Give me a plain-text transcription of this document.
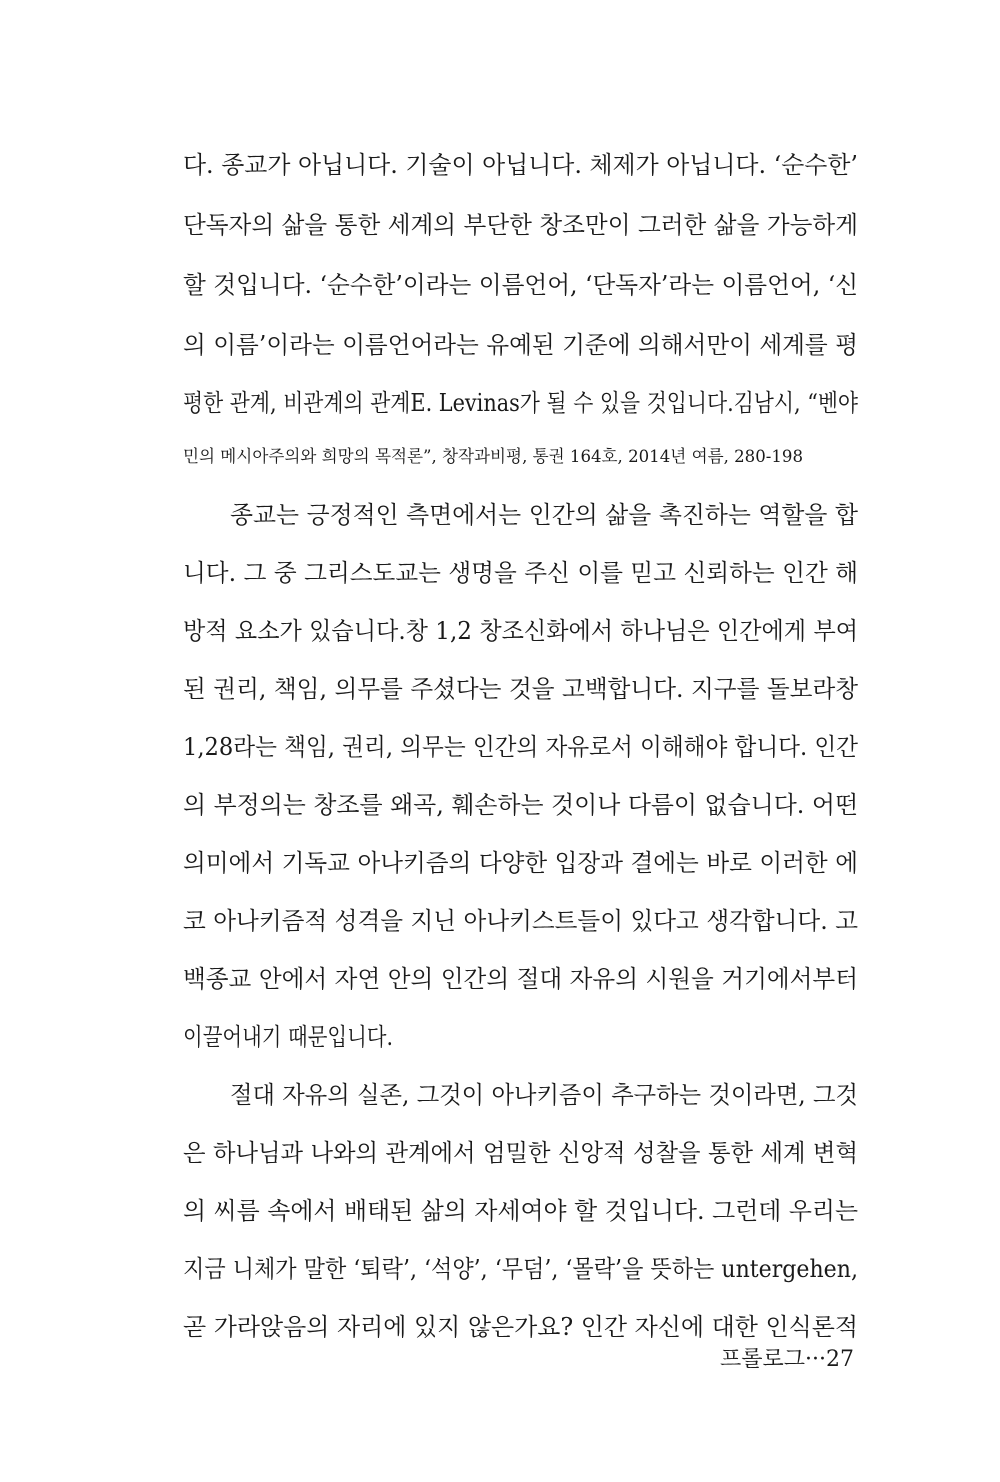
다. 종교가 아닙니다. 기술이 아닙니다. 체제가 아닙니다. ‘순수한’
단독자의 삶을 통한 세계의 부단한 창조만이 그러한 삶을 가능하게
할 것입니다. ‘순수한’이라는 이름언어, ‘단독자’라는 이름언어, ‘신
의 이름’이라는 이름언어라는 유예된 기준에 의해서만이 세계를 평
평한 관계, 비관계의 관계E. Levinas가 될 수 있을 것입니다.김남시, “벤야
민의 메시아주의와 희망의 목적론”, 창작과비평, 통권 164호, 2014년 여름, 280-198
종교는 긍정적인 측면에서는 인간의 삶을 촉진하는 역할을 합
니다. 그 중 그리스도교는 생명을 주신 이를 믿고 신뢰하는 인간 해
방적 요소가 있습니다.창 1,2 창조신화에서 하나님은 인간에게 부여
된 권리, 책임, 의무를 주셨다는 것을 고백합니다. 지구를 돌보라창
1,28라는 책임, 권리, 의무는 인간의 자유로서 이해해야 합니다. 인간
의 부정의는 창조를 왜곡, 훼손하는 것이나 다름이 없습니다. 어떤
의미에서 기독교 아나키즘의 다양한 입장과 결에는 바로 이러한 에
코 아나키즘적 성격을 지닌 아나키스트들이 있다고 생각합니다. 고
백종교 안에서 자연 안의 인간의 절대 자유의 시원을 거기에서부터
이끌어내기 때문입니다.
절대 자유의 실존, 그것이 아나키즘이 추구하는 것이라면, 그것
은 하나님과 나와의 관계에서 엄밀한 신앙적 성찰을 통한 세계 변혁
의 씨름 속에서 배태된 삶의 자세여야 할 것입니다. 그런데 우리는
지금 니체가 말한 ‘퇴락’, ‘석양’, ‘무덤’, ‘몰락’을 뜻하는 untergehen,
곧 가라앉음의 자리에 있지 않은가요? 인간 자신에 대한 인식론적
프롤로그···27
